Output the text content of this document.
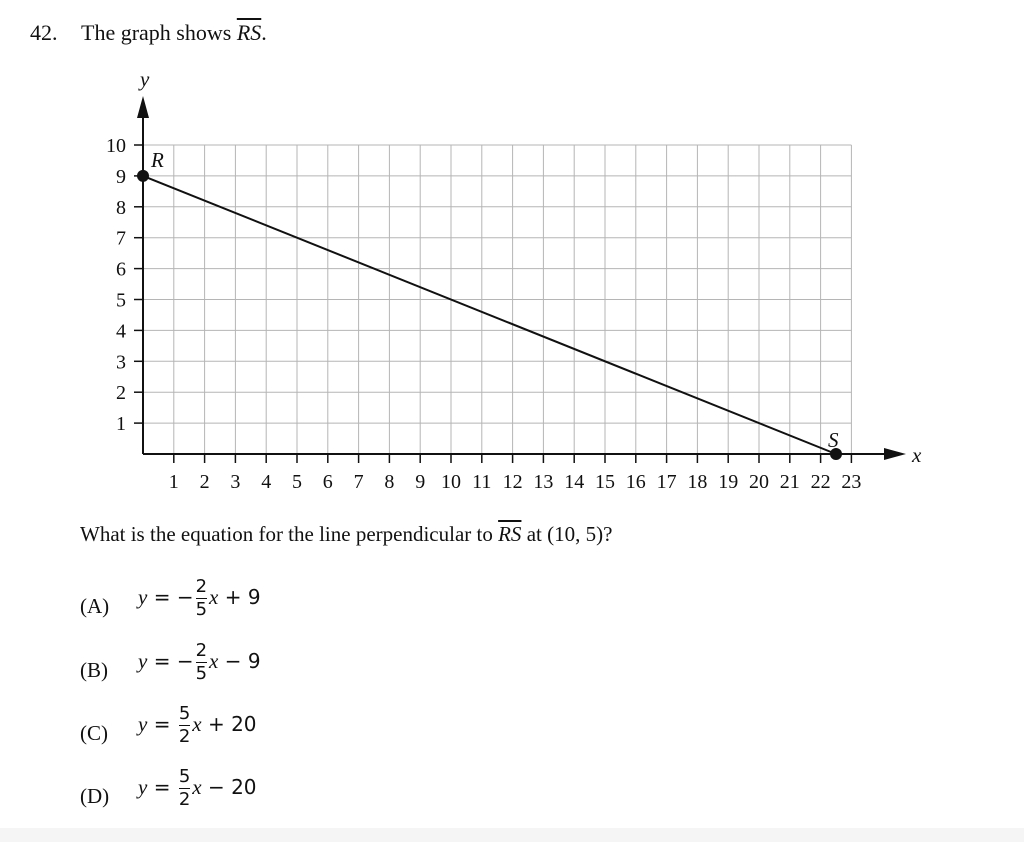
42. The graph shows $\overline{RS}$.
1 2 3 4 5 6 7 8 9 10 11 12 13 14 15 16 17 18 19 20 21 22 23
1
2
3
4
5
6
7
8
9
10
x
y
R
S
What is the equation for the line perpendicular to $\overline{RS}$ at (10, 5)?
(A) y = − $\frac{2}{5}$ x + 9
(B) y = − $\frac{2}{5}$ x − 9
(C) $y = \frac{5}{2}$ x + 20
(D) $y = \frac{5}{2}$ x − 20
